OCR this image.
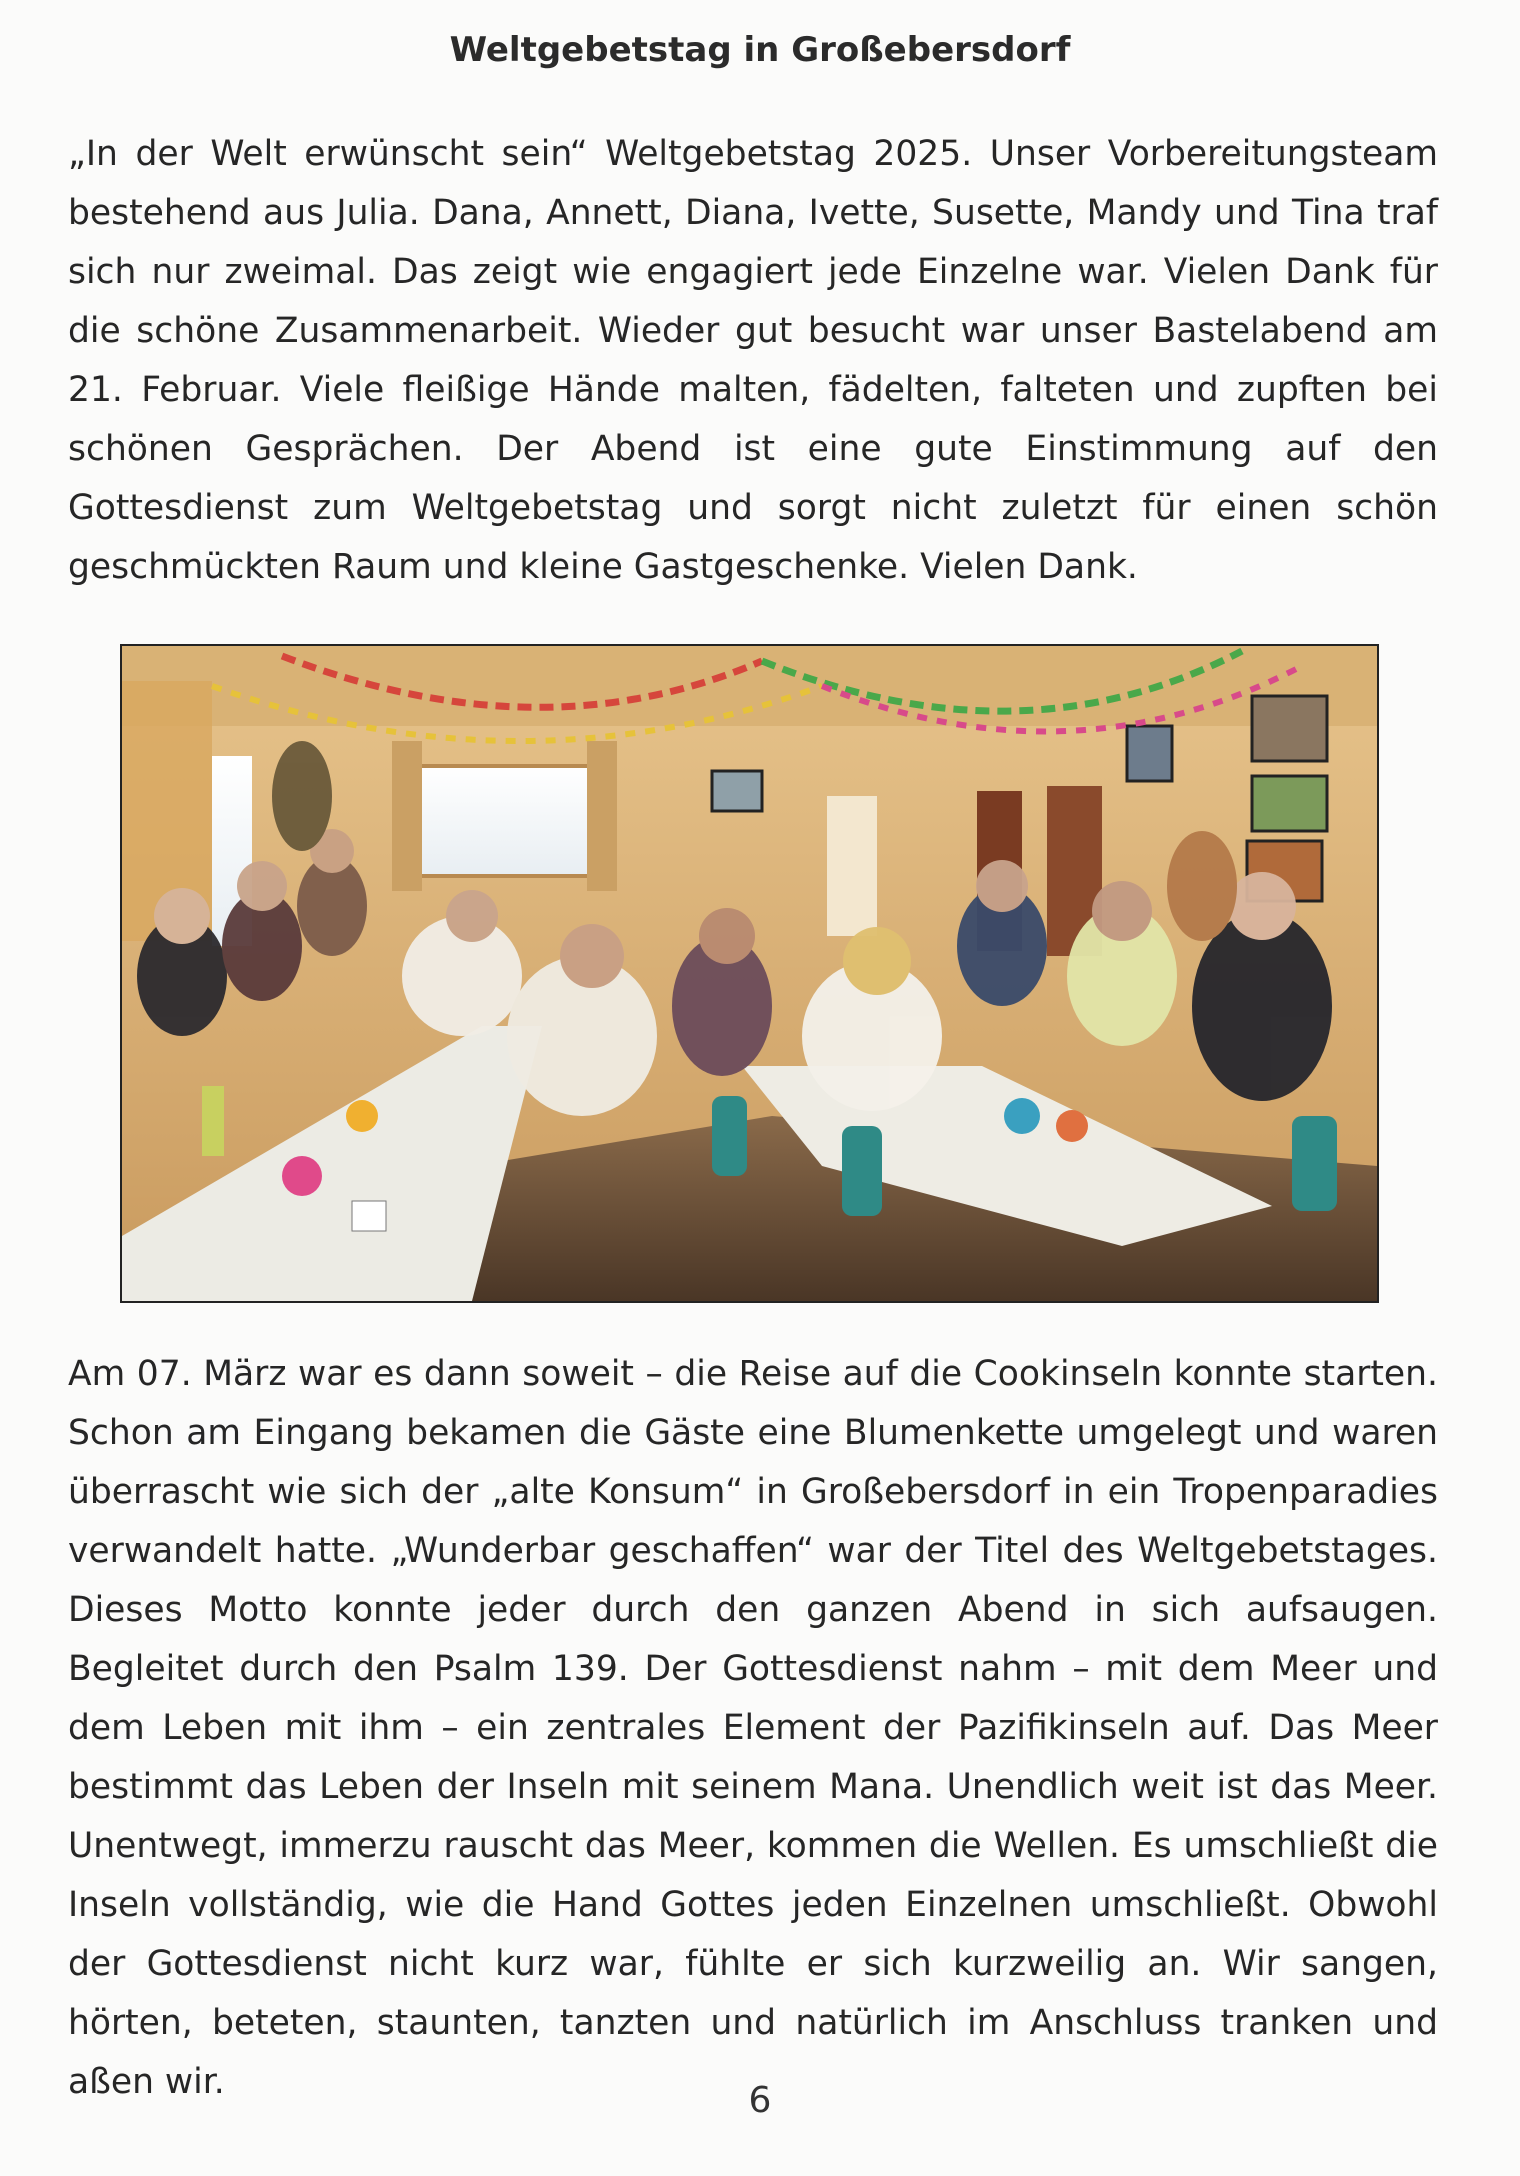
Weltgebetstag in Großebersdorf
„In der Welt erwünscht sein“ Weltgebetstag 2025. Unser Vorbereitungsteam bestehend aus Julia. Dana, Annett, Diana, Ivette, Susette, Mandy und Tina traf sich nur zweimal. Das zeigt wie engagiert jede Einzelne war. Vielen Dank für die schöne Zusammenarbeit. Wieder gut besucht war unser Bastelabend am 21. Februar. Viele fleißige Hände malten, fädelten, falteten und zupften bei schönen Gesprächen. Der Abend ist eine gute Einstimmung auf den Gottesdienst zum Weltgebetstag und sorgt nicht zuletzt für einen schön geschmückten Raum und kleine Gastgeschenke. Vielen Dank.
Am 07. März war es dann soweit – die Reise auf die Cookinseln konnte starten. Schon am Eingang bekamen die Gäste eine Blumenkette umgelegt und waren überrascht wie sich der „alte Konsum“ in Großebersdorf in ein Tropenparadies verwandelt hatte. „Wunderbar geschaffen“ war der Titel des Weltgebetstages. Dieses Motto konnte jeder durch den ganzen Abend in sich aufsaugen. Begleitet durch den Psalm 139. Der Gottesdienst nahm – mit dem Meer und dem Leben mit ihm – ein zentrales Element der Pazifikinseln auf. Das Meer bestimmt das Leben der Inseln mit seinem Mana. Unendlich weit ist das Meer. Unentwegt, immerzu rauscht das Meer, kommen die Wellen. Es umschließt die Inseln vollständig, wie die Hand Gottes jeden Einzelnen umschließt. Obwohl der Gottesdienst nicht kurz war, fühlte er sich kurzweilig an. Wir sangen, hörten, beteten, staunten, tanzten und natürlich im Anschluss tranken und aßen wir.	6
